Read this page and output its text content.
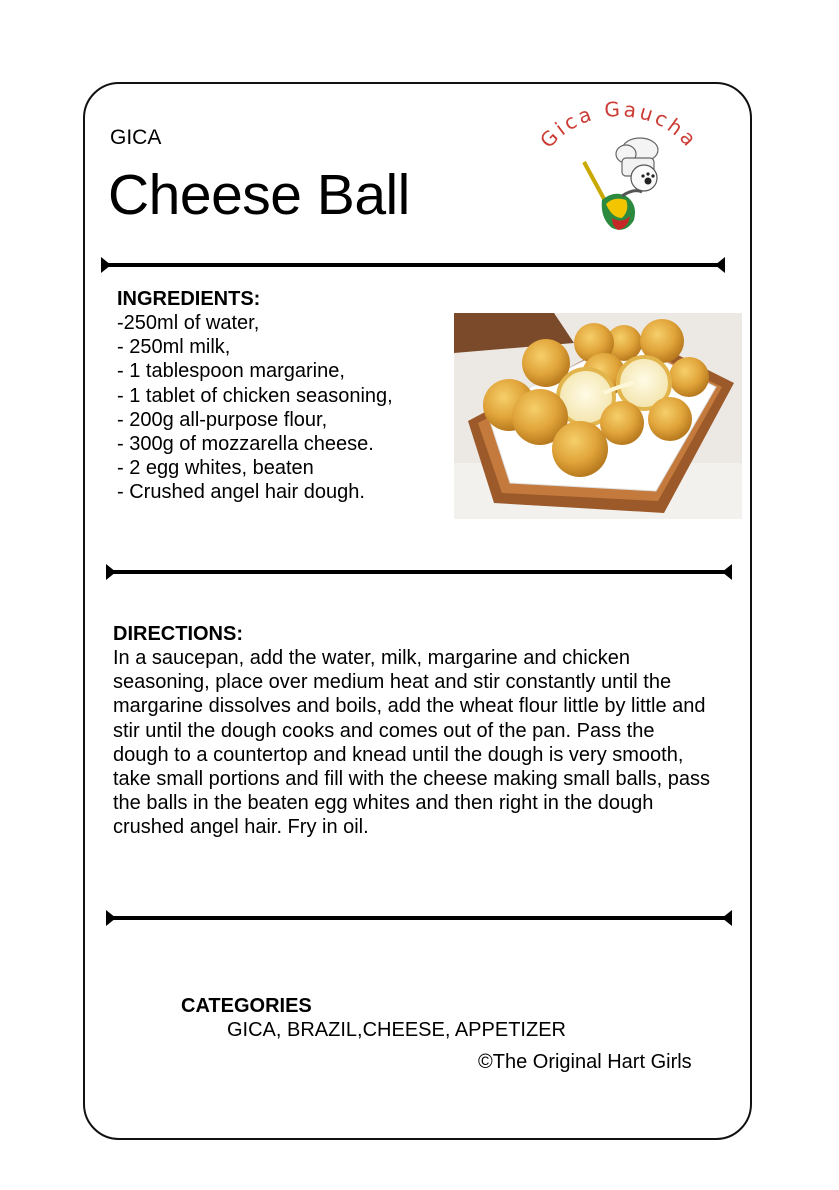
GICA
Cheese Ball
Gica Gaucha
INGREDIENTS:
-250ml of water,
- 250ml milk,
- 1 tablespoon margarine,
- 1 tablet of chicken seasoning,
- 200g all-purpose flour,
- 300g of mozzarella cheese.
- 2 egg whites, beaten
- Crushed angel hair dough.
DIRECTIONS:

In a saucepan, add the water, milk, margarine and chicken seasoning, place over medium heat and stir constantly until the margarine dissolves and boils, add the wheat flour little by little and stir until the dough cooks and comes out of the pan. Pass the dough to a countertop and knead until the dough is very smooth, take small portions and fill with the cheese making small balls, pass the balls in the beaten egg whites and then right in the dough crushed angel hair. Fry in oil.

CATEGORIES
GICA, BRAZIL,CHEESE, APPETIZER
©The Original Hart Girls
